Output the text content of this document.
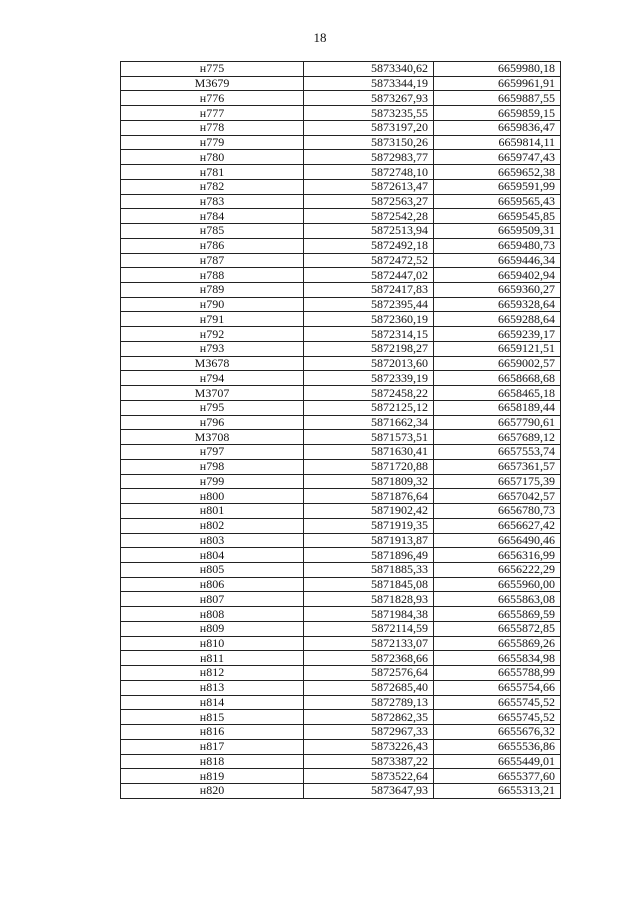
18
н775	5873340,62	6659980,18
МЗ679	5873344,19	6659961,91
н776	5873267,93	6659887,55
н777	5873235,55	6659859,15
н778	5873197,20	6659836,47
н779	5873150,26	6659814,11
н780	5872983,77	6659747,43
н781	5872748,10	6659652,38
н782	5872613,47	6659591,99
н783	5872563,27	6659565,43
н784	5872542,28	6659545,85
н785	5872513,94	6659509,31
н786	5872492,18	6659480,73
н787	5872472,52	6659446,34
н788	5872447,02	6659402,94
н789	5872417,83	6659360,27
н790	5872395,44	6659328,64
н791	5872360,19	6659288,64
н792	5872314,15	6659239,17
н793	5872198,27	6659121,51
МЗ678	5872013,60	6659002,57
н794	5872339,19	6658668,68
МЗ707	5872458,22	6658465,18
н795	5872125,12	6658189,44
н796	5871662,34	6657790,61
МЗ708	5871573,51	6657689,12
н797	5871630,41	6657553,74
н798	5871720,88	6657361,57
н799	5871809,32	6657175,39
н800	5871876,64	6657042,57
н801	5871902,42	6656780,73
н802	5871919,35	6656627,42
н803	5871913,87	6656490,46
н804	5871896,49	6656316,99
н805	5871885,33	6656222,29
н806	5871845,08	6655960,00
н807	5871828,93	6655863,08
н808	5871984,38	6655869,59
н809	5872114,59	6655872,85
н810	5872133,07	6655869,26
н811	5872368,66	6655834,98
н812	5872576,64	6655788,99
н813	5872685,40	6655754,66
н814	5872789,13	6655745,52
н815	5872862,35	6655745,52
н816	5872967,33	6655676,32
н817	5873226,43	6655536,86
н818	5873387,22	6655449,01
н819	5873522,64	6655377,60
н820	5873647,93	6655313,21
